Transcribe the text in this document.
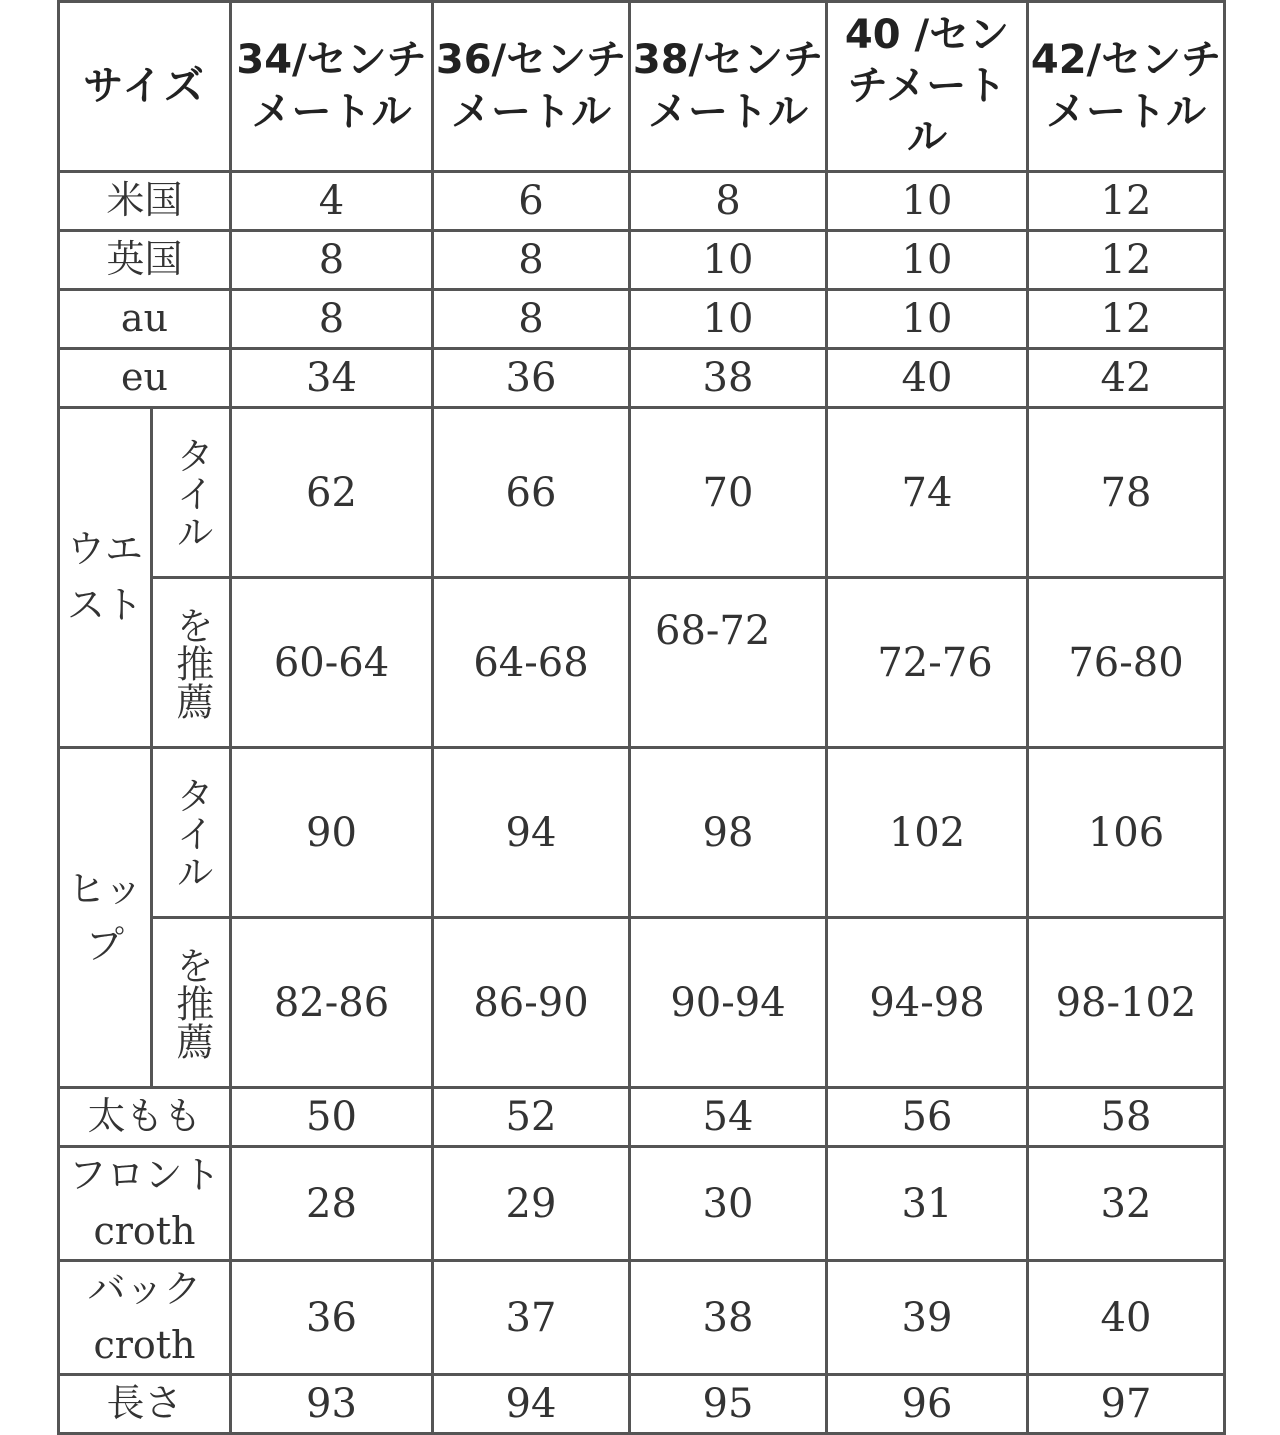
サイズ		34/センチメートル	36/センチメートル	38/センチメートル	40 /センチメートル	42/センチメートル
米国		4	6	8	10	12
英国		8	8	10	10	12
au		8	8	10	10	12
eu		34	36	38	40	42
ウエスト	タイル	62	66	70	74	78
	を推薦	60-64	64-68	68-72	72-76	76-80
ヒップ	タイル	90	94	98	102	106
	を推薦	82-86	86-90	90-94	94-98	98-102
太もも		50	52	54	56	58
フロントcroth		28	29	30	31	32
バック croth		36	37	38	39	40
長さ		93	94	95	96	97
